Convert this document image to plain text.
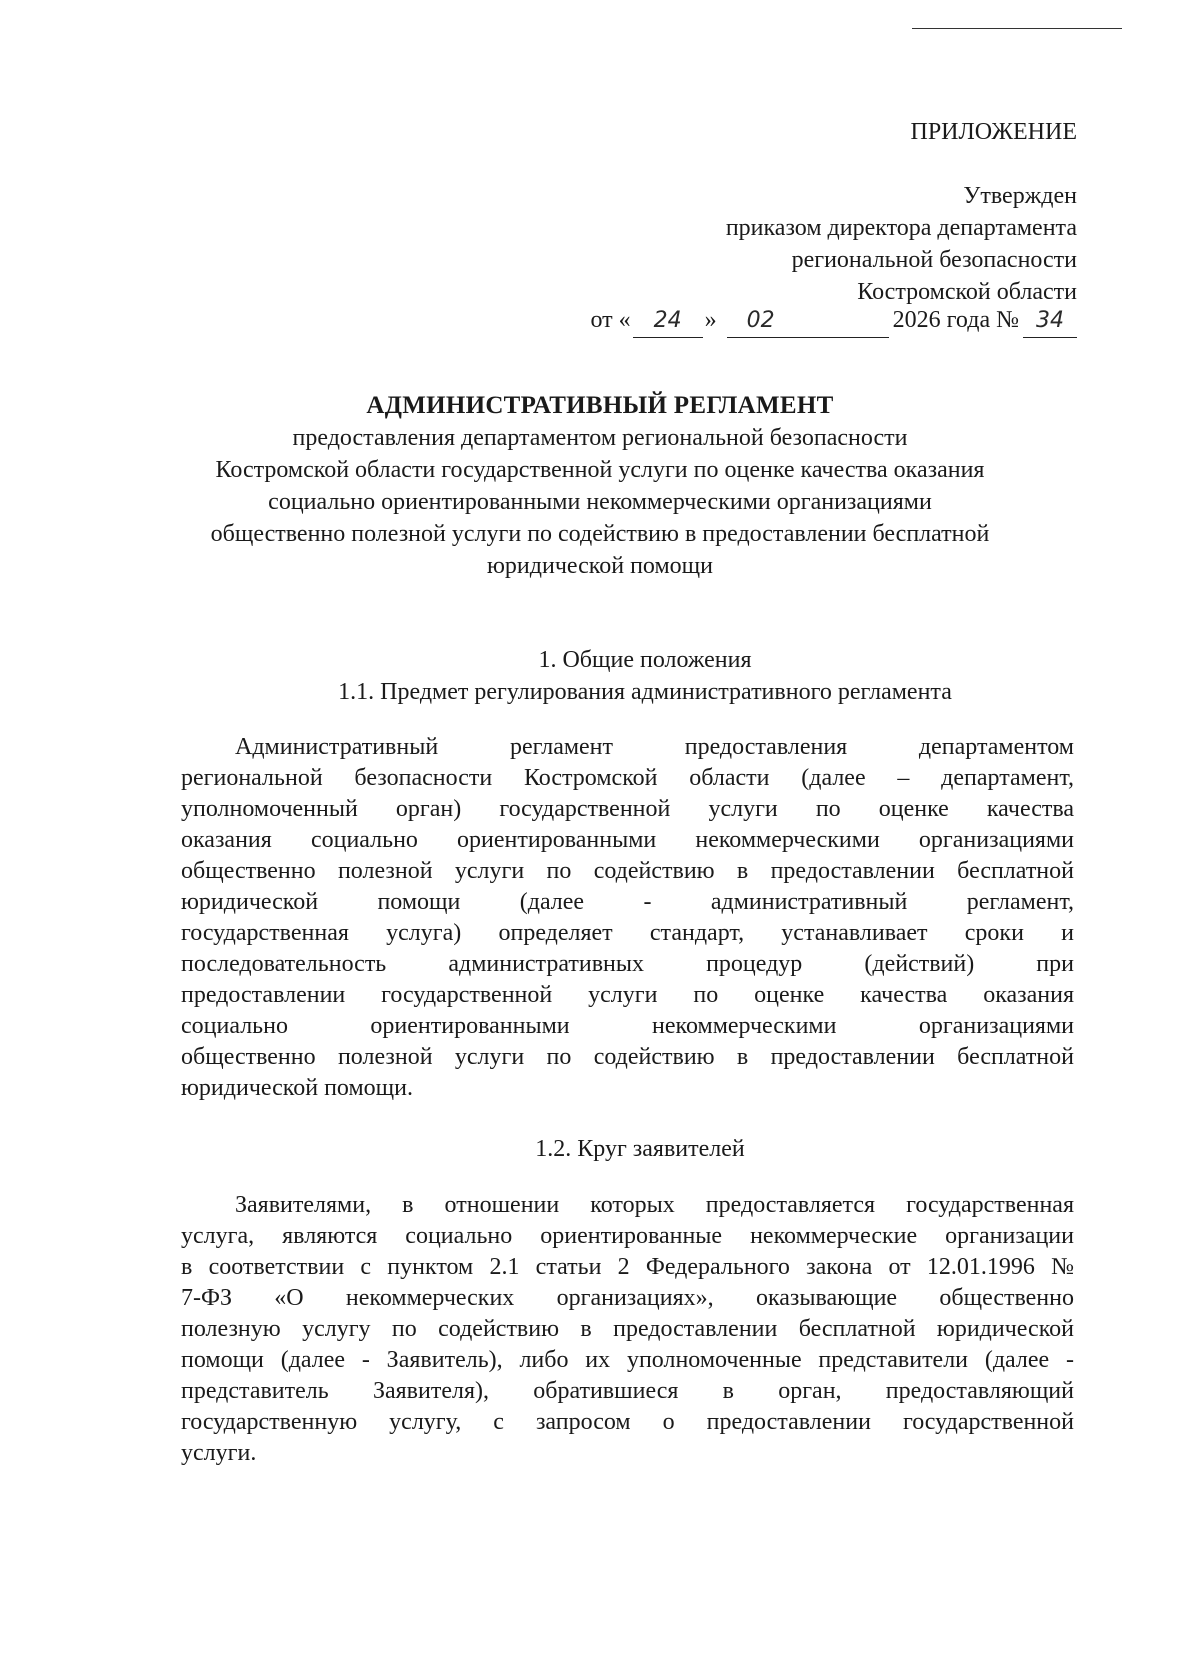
ПРИЛОЖЕНИЕ
Утвержден
приказом директора департамента
региональной безопасности
Костромской области
от « 24 » 02	2026 года № 34
АДМИНИСТРАТИВНЫЙ РЕГЛАМЕНТ
предоставления департаментом региональной безопасности
Костромской области государственной услуги по оценке качества оказания
социально ориентированными некоммерческими организациями
общественно полезной услуги по содействию в предоставлении бесплатной
юридической помощи
1. Общие положения
1.1. Предмет регулирования административного регламента
Административный регламент предоставления департаментом
региональной безопасности Костромской области (далее – департамент,
уполномоченный орган) государственной услуги по оценке качества
оказания социально ориентированными некоммерческими организациями
общественно полезной услуги по содействию в предоставлении бесплатной
юридической помощи (далее - административный регламент,
государственная услуга) определяет стандарт, устанавливает сроки и
последовательность административных процедур (действий) при
предоставлении государственной услуги по оценке качества оказания
социально ориентированными некоммерческими организациями
общественно полезной услуги по содействию в предоставлении бесплатной
юридической помощи.
1.2. Круг заявителей
Заявителями, в отношении которых предоставляется государственная
услуга, являются социально ориентированные некоммерческие организации
в соответствии с пунктом 2.1 статьи 2 Федерального закона от 12.01.1996 №
7-ФЗ «О некоммерческих организациях», оказывающие общественно
полезную услугу по содействию в предоставлении бесплатной юридической
помощи (далее - Заявитель), либо их уполномоченные представители (далее -
представитель Заявителя), обратившиеся в орган, предоставляющий
государственную услугу, с запросом о предоставлении государственной
услуги.
